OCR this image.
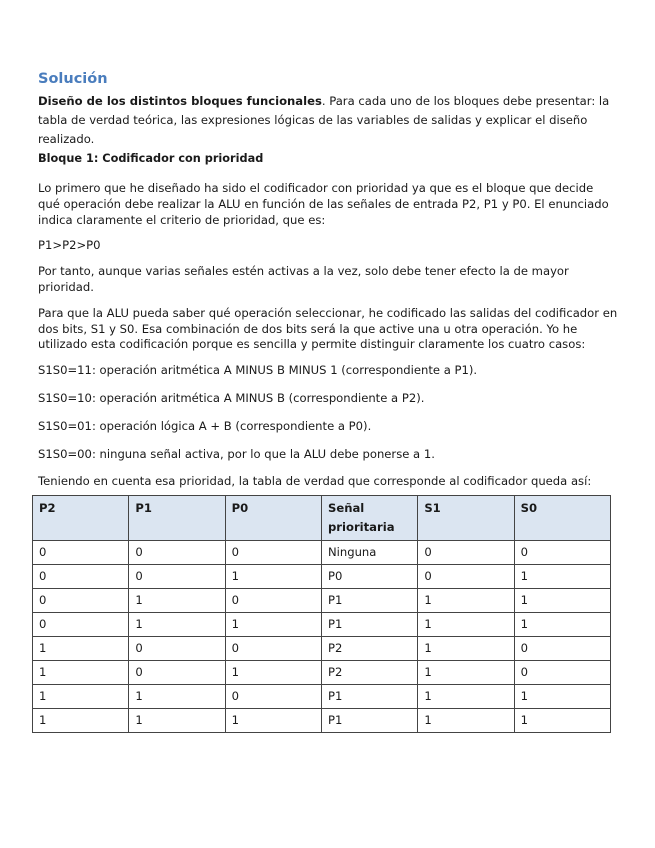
Solución
Diseño de los distintos bloques funcionales. Para cada uno de los bloques debe presentar: la tabla de verdad teórica, las expresiones lógicas de las variables de salidas y explicar el diseño realizado.
Bloque 1: Codificador con prioridad

Lo primero que he diseñado ha sido el codificador con prioridad ya que es el bloque que decide qué operación debe realizar la ALU en función de las señales de entrada P2, P1 y P0. El enunciado indica claramente el criterio de prioridad, que es:

P1>P2>P0

Por tanto, aunque varias señales estén activas a la vez, solo debe tener efecto la de mayor prioridad.

Para que la ALU pueda saber qué operación seleccionar, he codificado las salidas del codificador en dos bits, S1 y S0. Esa combinación de dos bits será la que active una u otra operación. Yo he utilizado esta codificación porque es sencilla y permite distinguir claramente los cuatro casos:

S1S0=11: operación aritmética A MINUS B MINUS 1 (correspondiente a P1).

S1S0=10: operación aritmética A MINUS B (correspondiente a P2).

S1S0=01: operación lógica A + B (correspondiente a P0).

S1S0=00: ninguna señal activa, por lo que la ALU debe ponerse a 1.

Teniendo en cuenta esa prioridad, la tabla de verdad que corresponde al codificador queda así:

P2	P1	P0	Señal prioritaria	S1	S0
0	0	0	Ninguna	0	0
0	0	1	P0	0	1
0	1	0	P1	1	1
0	1	1	P1	1	1
1	0	0	P2	1	0
1	0	1	P2	1	0
1	1	0	P1	1	1
1	1	1	P1	1	1
